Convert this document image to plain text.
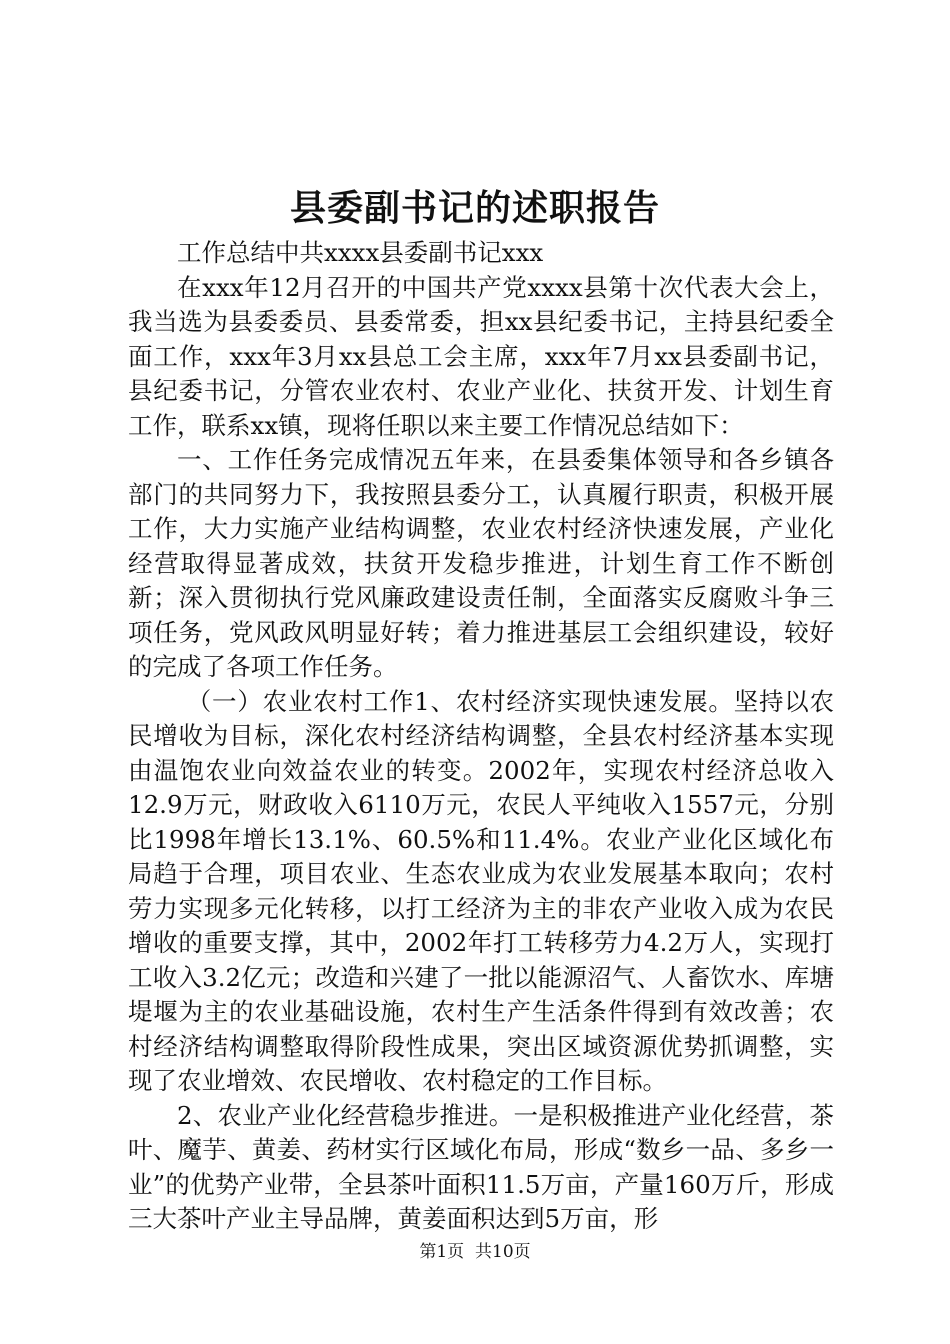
县委副书记的述职报告

工作总结中共xxxx县委副书记xxx

在xxx年12月召开的中国共产党xxxx县第十次代表大会上，我当选为县委委员、县委常委，担xx县纪委书记，主持县纪委全面工作，xxx年3月xx县总工会主席，xxx年7月xx县委副书记，县纪委书记，分管农业农村、农业产业化、扶贫开发、计划生育工作，联系xx镇，现将任职以来主要工作情况总结如下：

一、工作任务完成情况五年来，在县委集体领导和各乡镇各部门的共同努力下，我按照县委分工，认真履行职责，积极开展工作，大力实施产业结构调整，农业农村经济快速发展，产业化经营取得显著成效，扶贫开发稳步推进，计划生育工作不断创新；深入贯彻执行党风廉政建设责任制，全面落实反腐败斗争三项任务，党风政风明显好转；着力推进基层工会组织建设，较好的完成了各项工作任务。

（一）农业农村工作1、农村经济实现快速发展。坚持以农民增收为目标，深化农村经济结构调整，全县农村经济基本实现由温饱农业向效益农业的转变。2002年，实现农村经济总收入12.9万元，财政收入6110万元，农民人平纯收入1557元，分别比1998年增长13.1%、60.5%和11.4%。农业产业化区域化布局趋于合理，项目农业、生态农业成为农业发展基本取向；农村劳力实现多元化转移，以打工经济为主的非农产业收入成为农民增收的重要支撑，其中，2002年打工转移劳力4.2万人，实现打工收入3.2亿元；改造和兴建了一批以能源沼气、人畜饮水、库塘堤堰为主的农业基础设施，农村生产生活条件得到有效改善；农村经济结构调整取得阶段性成果，突出区域资源优势抓调整，实现了农业增效、农民增收、农村稳定的工作目标。

2、农业产业化经营稳步推进。一是积极推进产业化经营，茶叶、魔芋、黄姜、药材实行区域化布局，形成“数乡一品、多乡一业”的优势产业带，全县茶叶面积11.5万亩，产量160万斤，形成三大茶叶产业主导品牌，黄姜面积达到5万亩，形

第1页 共10页
